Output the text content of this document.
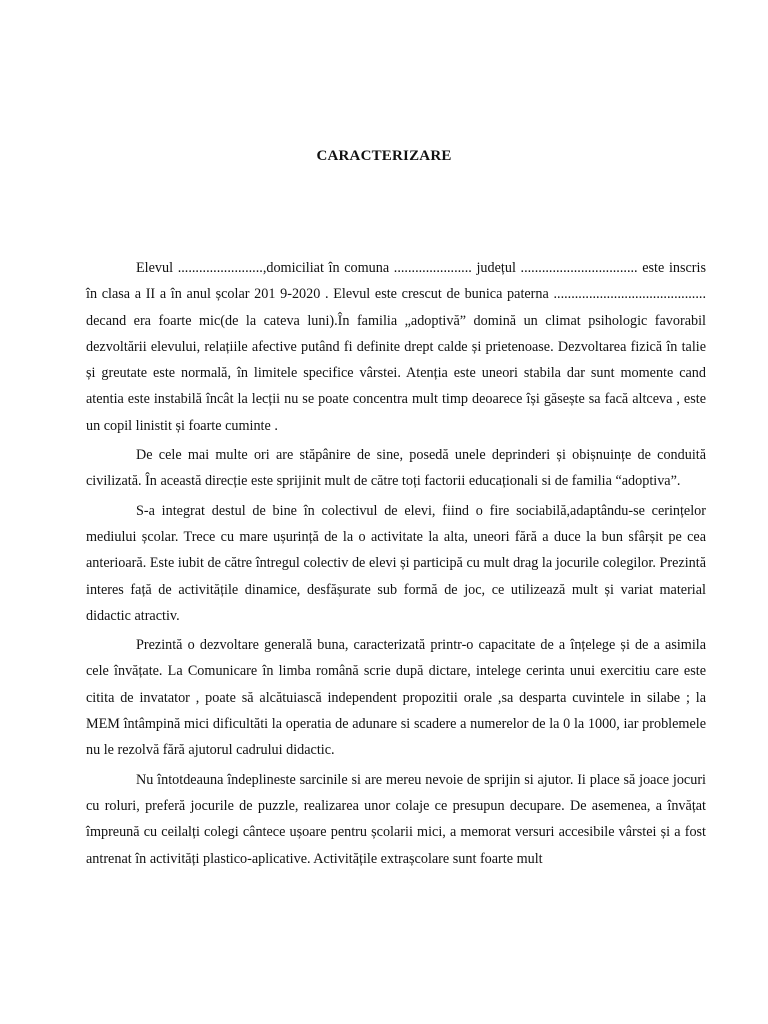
CARACTERIZARE

Elevul ........................,domiciliat în comuna ...................... județul ................................. este inscris în clasa a II a în anul școlar 201 9-2020 . Elevul este crescut de bunica paterna ........................................... decand era foarte mic(de la cateva luni).În familia „adoptivă” domină un climat psihologic favorabil dezvoltării elevului, relațiile afective putând fi definite drept calde și prietenoase. Dezvoltarea fizică în talie și greutate este normală, în limitele specifice vârstei. Atenția este uneori stabila dar sunt momente cand atentia este instabilă încât la lecții nu se poate concentra mult timp deoarece își găsește sa facă altceva , este un copil linistit și foarte cuminte .

De cele mai multe ori are stăpânire de sine, posedă unele deprinderi și obișnuințe de conduită civilizată. În această direcție este sprijinit mult de către toți factorii educaționali si de familia “adoptiva”.

S-a integrat destul de bine în colectivul de elevi, fiind o fire sociabilă,adaptându-se cerințelor mediului școlar. Trece cu mare ușurință de la o activitate la alta, uneori fără a duce la bun sfârșit pe cea anterioară. Este iubit de către întregul colectiv de elevi și participă cu mult drag la jocurile colegilor. Prezintă interes față de activitățile dinamice, desfășurate sub formă de joc, ce utilizează mult și variat material didactic atractiv.

Prezintă o dezvoltare generală buna, caracterizată printr-o capacitate de a înțelege și de a asimila cele învățate. La Comunicare în limba română scrie după dictare, intelege cerinta unui exercitiu care este citita de invatator , poate să alcătuiască independent propozitii orale ,sa desparta cuvintele in silabe ; la MEM întâmpină mici dificultăti la operatia de adunare si scadere a numerelor de la 0 la 1000, iar problemele nu le rezolvă fără ajutorul cadrului didactic.

Nu întotdeauna îndeplineste sarcinile si are mereu nevoie de sprijin si ajutor. Ii place să joace jocuri cu roluri, preferă jocurile de puzzle, realizarea unor colaje ce presupun decupare. De asemenea, a învățat împreună cu ceilalți colegi cântece ușoare pentru școlarii mici, a memorat versuri accesibile vârstei și a fost antrenat în activități plastico-aplicative. Activitățile extrașcolare sunt foarte mult
